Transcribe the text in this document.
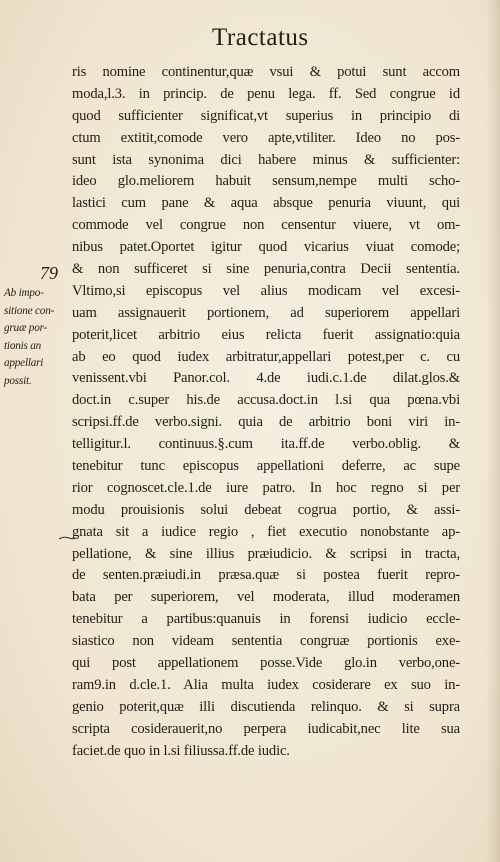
Tractatus
79
Ab impo-
sitione con-
gruæ por-
tionis an
appellari
possit.
ris nomine continentur,quæ vsui & potui sunt accom
moda,l.3. in princip. de penu lega. ff. Sed congrue id
quod sufficienter significat,vt superius in principio di
ctum extitit,comode vero apte,vtiliter. Ideo no pos-
sunt ista synonima dici habere minus & sufficienter:
ideo glo.meliorem habuit sensum,nempe multi scho-
lastici cum pane & aqua absque penuria viuunt, qui
commode vel congrue non censentur viuere, vt om-
nibus patet.Oportet igitur quod vicarius viuat comode;
& non sufficeret si sine penuria,contra Decii sententia.
Vltimo,si episcopus vel alius modicam vel excesi-
uam assignauerit portionem, ad superiorem appellari
poterit,licet arbitrio eius relicta fuerit assignatio:quia
ab eo quod iudex arbitratur,appellari potest,per c. cu
venissent.vbi Panor.col. 4.de iudi.c.1.de dilat.glos.&
doct.in c.super his.de accusa.doct.in l.si qua pœna.vbi
scripsi.ff.de verbo.signi. quia de arbitrio boni viri in-
telligitur.l. continuus.§.cum ita.ff.de verbo.oblig. &
tenebitur tunc episcopus appellationi deferre, ac supe
rior cognoscet.cle.1.de iure patro. In hoc regno si per
modu prouisionis solui debeat cogrua portio, & assi-
gnata sit a iudice regio , fiet executio nonobstante ap-
pellatione, & sine illius præiudicio. & scripsi in tracta,
de senten.præiudi.in præsa.quæ si postea fuerit repro-
bata per superiorem, vel moderata, illud moderamen
tenebitur a partibus:quanuis in forensi iudicio eccle-
siastico non videam sententia congruæ portionis exe-
qui post appellationem posse.Vide glo.in verbo,one-
ram9.in d.cle.1. Alia multa iudex cosiderare ex suo in-
genio poterit,quæ illi discutienda relinquo. & si supra
scripta cosiderauerit,no perpera iudicabit,nec lite sua
faciet.de quo in l.si filiussa.ff.de iudic.
